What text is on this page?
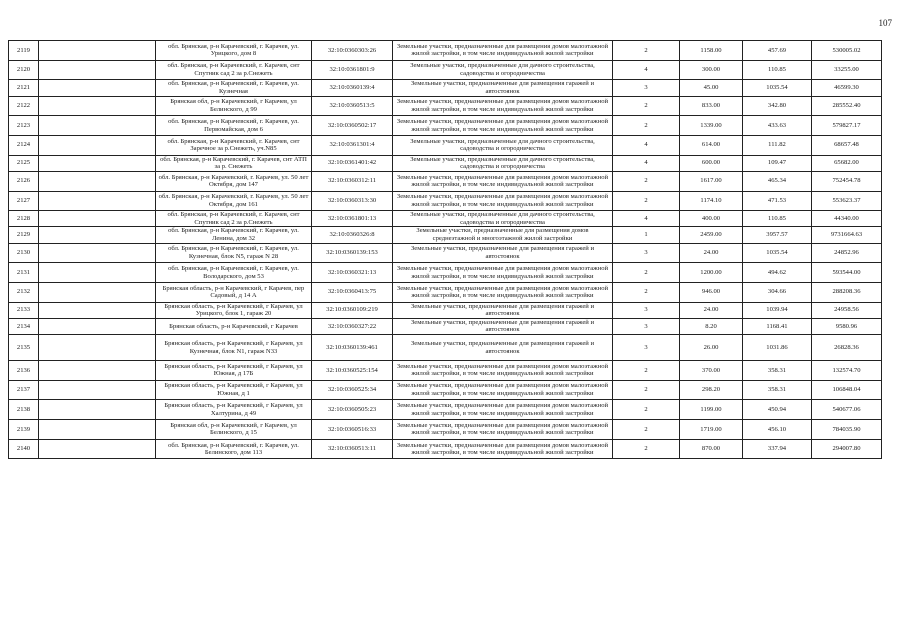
107
2119		обл. Брянская, р-н Карачевский, г. Карачев, ул. Урицкого, дом 8	32:10:0360303:26	Земельные участки, предназначенные для размещения домов малоэтажной жилой застройки, в том числе индивидуальной жилой застройки	2	1158.00	457.69	530005.02
2120		обл. Брянская, р-н Карачевский, г. Карачев, снт Спутник сад 2 за р.Снежеть	32:10:0361801:9	Земельные участки, предназначенные для дачного строительства, садоводства и огородничества	4	300.00	110.85	33255.00
2121		обл. Брянская, р-н Карачевский, г. Карачев, ул. Кузнечная	32:10:0360139:4	Земельные участки, предназначенные для размещения гаражей и автостоянок	3	45.00	1035.54	46599.30
2122		Брянская обл, р-н Карачевский, г Карачев, ул Белинского, д 99	32:10:0360513:5	Земельные участки, предназначенные для размещения домов малоэтажной жилой застройки, в том числе индивидуальной жилой застройки	2	833.00	342.80	285552.40
2123		обл. Брянская, р-н Карачевский, г. Карачев, ул. Первомайская, дом 6	32:10:0360502:17	Земельные участки, предназначенные для размещения домов малоэтажной жилой застройки, в том числе индивидуальной жилой застройки	2	1339.00	433.63	579827.17
2124		обл. Брянская, р-н Карачевский, г. Карачев, снт Заречное за р.Снежеть, уч.N85	32:10:0361301:4	Земельные участки, предназначенные для дачного строительства, садоводства и огородничества	4	614.00	111.82	68657.48
2125		обл. Брянская, р-н Карачевский, г. Карачев, снт АТП за р. Снежеть	32:10:0361401:42	Земельные участки, предназначенные для дачного строительства, садоводства и огородничества	4	600.00	109.47	65682.00
2126		обл. Брянская, р-н Карачевский, г. Карачев, ул. 50 лет Октября, дом 147	32:10:0360312:11	Земельные участки, предназначенные для размещения домов малоэтажной жилой застройки, в том числе индивидуальной жилой застройки	2	1617.00	465.34	752454.78
2127		обл. Брянская, р-н Карачевский, г. Карачев, ул. 50 лет Октября, дом 161	32:10:0360313:30	Земельные участки, предназначенные для размещения домов малоэтажной жилой застройки, в том числе индивидуальной жилой застройки	2	1174.10	471.53	553623.37
2128		обл. Брянская, р-н Карачевский, г. Карачев, снт Спутник сад 2 за р.Снежеть	32:10:0361801:13	Земельные участки, предназначенные для дачного строительства, садоводства и огородничества	4	400.00	110.85	44340.00
2129		обл. Брянская, р-н Карачевский, г. Карачев, ул. Ленина, дом 32	32:10:0360326:8	Земельные участки, предназначенные для размещения домов среднеэтажной и многоэтажной жилой застройки	1	2459.00	3957.57	9731664.63
2130		обл. Брянская, р-н Карачевский, г. Карачев, ул. Кузнечная, блок N5, гараж N 28	32:10:0360139:153	Земельные участки, предназначенные для размещения гаражей и автостоянок	3	24.00	1035.54	24852.96
2131		обл. Брянская, р-н Карачевский, г. Карачев, ул. Володарского, дом 53	32:10:0360321:13	Земельные участки, предназначенные для размещения домов малоэтажной жилой застройки, в том числе индивидуальной жилой застройки	2	1200.00	494.62	593544.00
2132		Брянская область, р-н Карачевский, г Карачев, пер Садовый, д 14 А	32:10:0360413:75	Земельные участки, предназначенные для размещения домов малоэтажной жилой застройки, в том числе индивидуальной жилой застройки	2	946.00	304.66	288208.36
2133		Брянская область, р-н Карачевский, г Карачев, ул Урицкого, блок 1, гараж 20	32:10:0360109:219	Земельные участки, предназначенные для размещения гаражей и автостоянок	3	24.00	1039.94	24958.56
2134		Брянская область, р-н Карачевский, г Карачев	32:10:0360327:22	Земельные участки, предназначенные для размещения гаражей и автостоянок	3	8.20	1168.41	9580.96
2135		Брянская область, р-н Карачевский, г Карачев, ул Кузнечная, блок N1, гараж N33	32:10:0360139:461	Земельные участки, предназначенные для размещения гаражей и автостоянок	3	26.00	1031.86	26828.36
2136		Брянская область, р-н Карачевский, г Карачев, ул Южная, д 17Б	32:10:0360525:154	Земельные участки, предназначенные для размещения домов малоэтажной жилой застройки, в том числе индивидуальной жилой застройки	2	370.00	358.31	132574.70
2137		Брянская область, р-н Карачевский, г Карачев, ул Южная, д 1	32:10:0360525:34	Земельные участки, предназначенные для размещения домов малоэтажной жилой застройки, в том числе индивидуальной жилой застройки	2	298.20	358.31	106848.04
2138		Брянская область, р-н Карачевский, г Карачев, ул Халтурина, д 49	32:10:0360505:23	Земельные участки, предназначенные для размещения домов малоэтажной жилой застройки, в том числе индивидуальной жилой застройки	2	1199.00	450.94	540677.06
2139		Брянская обл, р-н Карачевский, г Карачев, ул Белинского, д 15	32:10:0360516:33	Земельные участки, предназначенные для размещения домов малоэтажной жилой застройки, в том числе индивидуальной жилой застройки	2	1719.00	456.10	784035.90
2140		обл. Брянская, р-н Карачевский, г. Карачев, ул. Белинского, дом 113	32:10:0360513:11	Земельные участки, предназначенные для размещения домов малоэтажной жилой застройки, в том числе индивидуальной жилой застройки	2	870.00	337.94	294007.80
